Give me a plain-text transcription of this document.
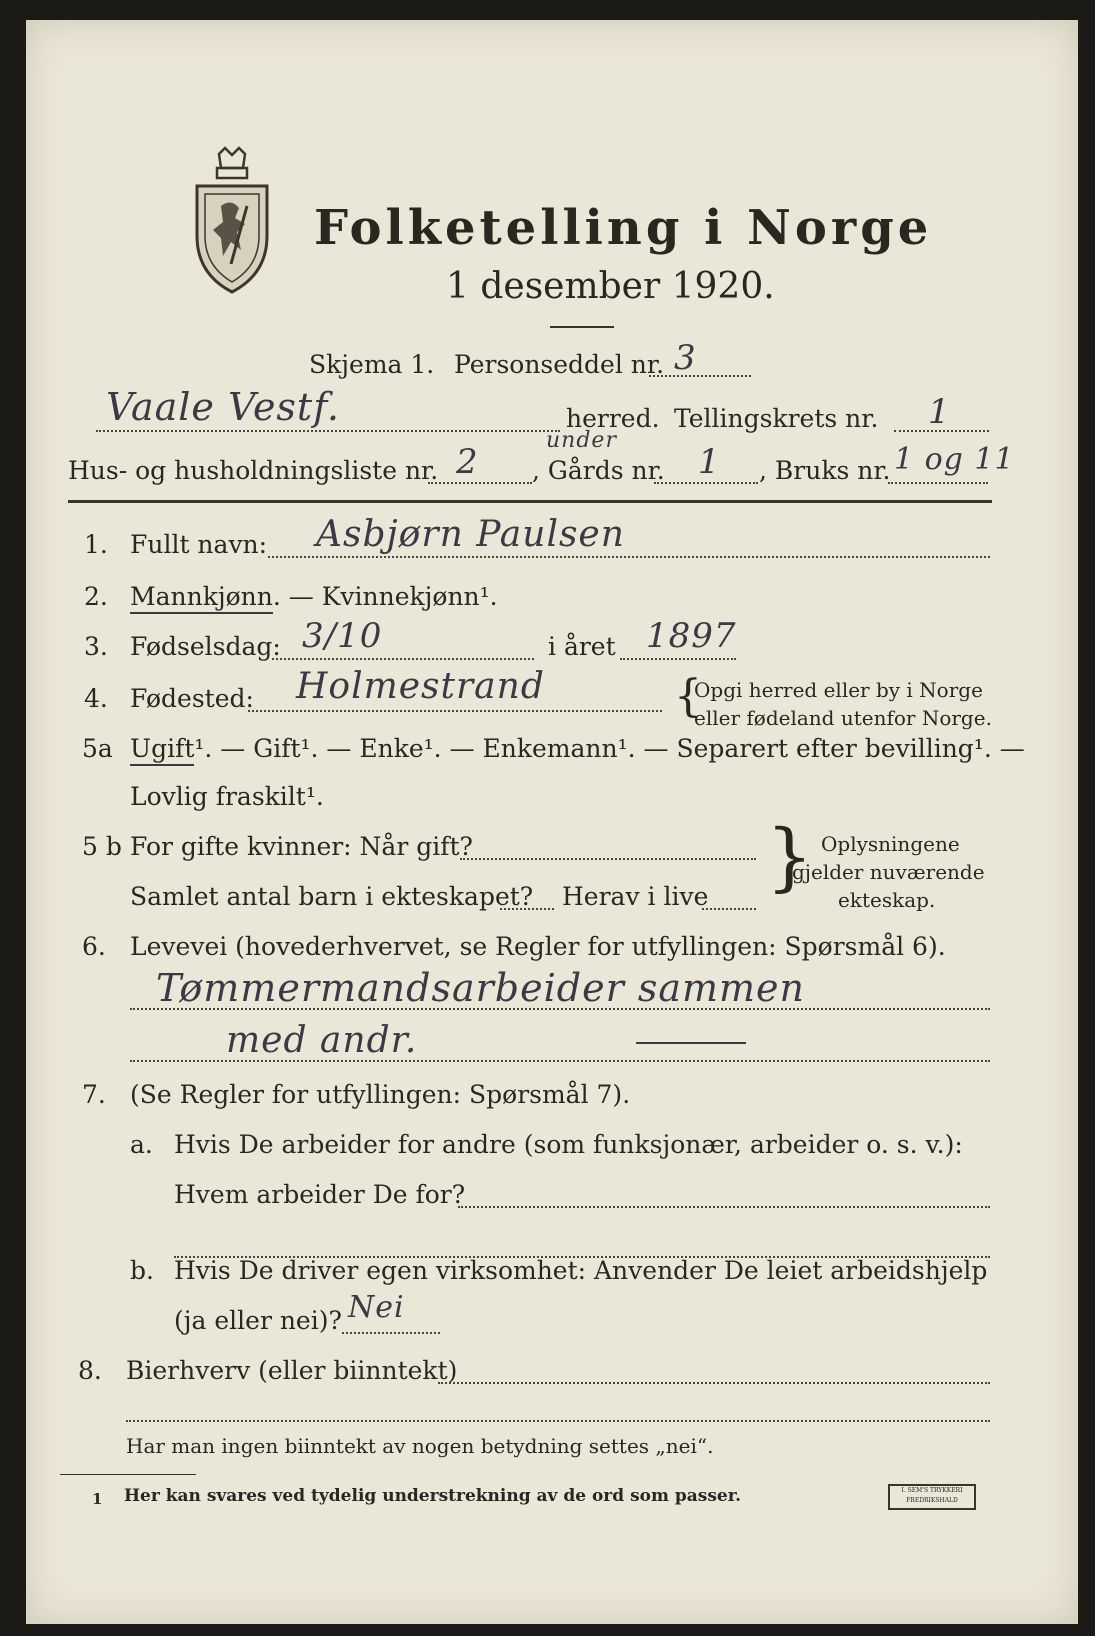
Folketelling i Norge
1 desember 1920.
Skjema 1. Personseddel nr. 3
Vaale Vestf.	herred. Tellingskrets nr. 1
Hus- og husholdningsliste nr. 2
under
, Gårds nr. 1 , Bruks nr. 1 og 11
1. Fullt navn: Asbjørn Paulsen
2. Mannkjønn. — Kvinnekjønn¹.
3. Fødselsdag: 3/10	i året 1897
4. Fødested: Holmestrand	{
Opgi herred eller by i Norge
eller fødeland utenfor Norge.
5a Ugift¹. — Gift¹. — Enke¹. — Enkemann¹. — Separert efter bevilling¹. —
Lovlig fraskilt¹.
5 b For gifte kvinner: Når gift?
Samlet antal barn i ekteskapet? Herav i live } Oplysningene
gjelder nuværende
ekteskap.
6. Levevei (hovederhvervet, se Regler for utfyllingen: Spørsmål 6).
Tømmermandsarbeider sammen
med andr.
7. (Se Regler for utfyllingen: Spørsmål 7).
a. Hvis De arbeider for andre (som funksjonær, arbeider o. s. v.):
Hvem arbeider De for?
b. Hvis De driver egen virksomhet: Anvender De leiet arbeidshjelp
(ja eller nei)? Nei
8. Bierhverv (eller biinntekt)
Har man ingen biinntekt av nogen betydning settes „nei“.
1 Her kan svares ved tydelig understrekning av de ord som passer.	I. SEM'S TRYKKERI FREDRIKSHALD
